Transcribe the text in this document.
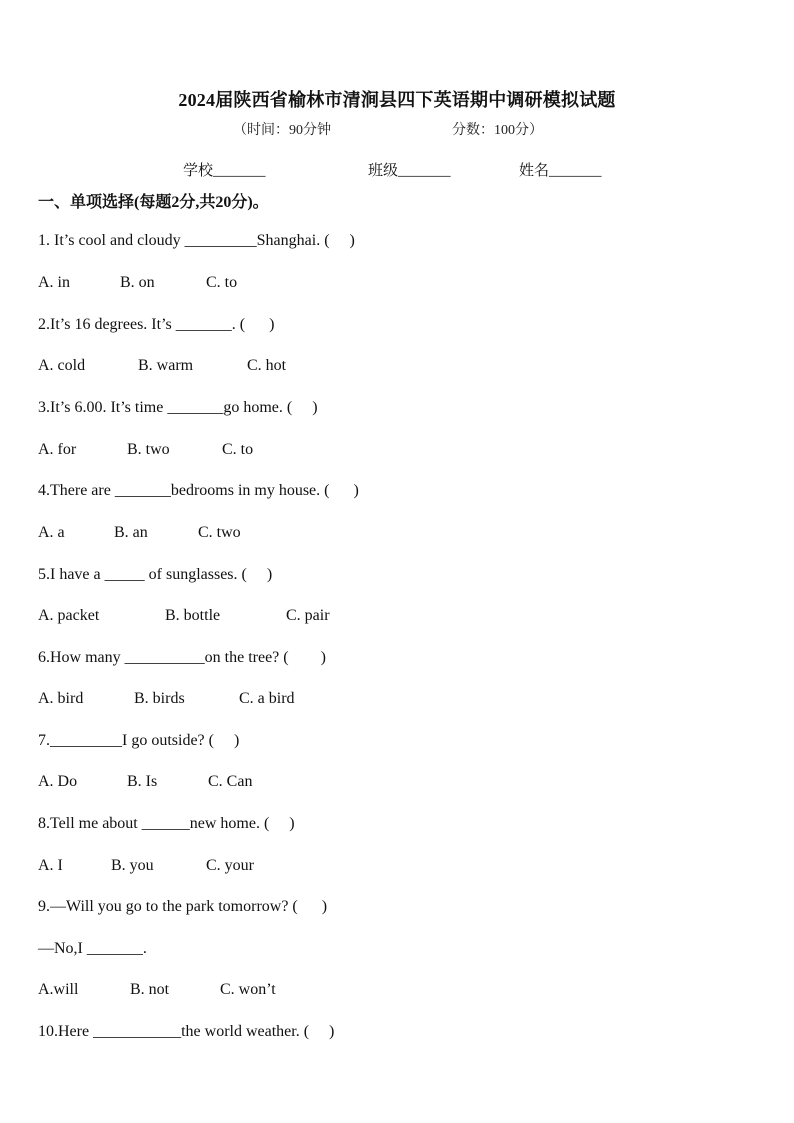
2024届陕西省榆林市清涧县四下英语期中调研模拟试题
（时间：90分钟	分数：100分）
学校_______	班级_______	姓名_______
一、单项选择(每题2分,共20分)。
1. It’s cool and cloudy _________Shanghai. (     )
A. in	B. on	C. to
2.It’s 16 degrees. It’s _______. (      )
A. cold	B. warm	C. hot
3.It’s 6.00. It’s time _______go home. (     )
A. for	B. two	C. to
4.There are _______bedrooms in my house. (      )
A. a	B. an	C. two
5.I have a _____ of sunglasses. (     )
A. packet	B. bottle	C. pair
6.How many __________on the tree? (        )
A. bird	B. birds	C. a bird
7._________I go outside? (     )
A. Do	B. Is	C. Can
8.Tell me about ______new home. (     )
A. I	B. you	C. your
9.—Will you go to the park tomorrow? (      )
—No,I _______.
A.will	B. not	C. won’t
10.Here ___________the world weather. (     )
